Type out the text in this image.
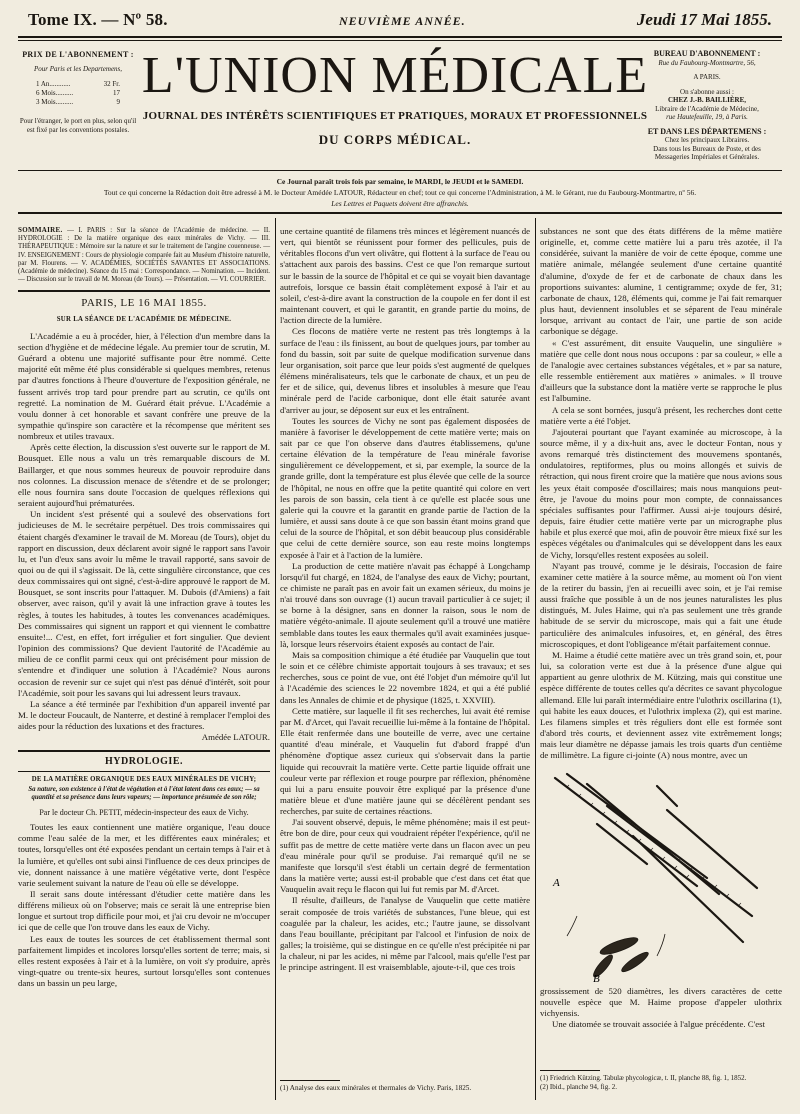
Tome IX. — Nº 58.	NEUVIÈME ANNÉE.	Jeudi 17 Mai 1855.
PRIX DE L'ABONNEMENT :
Pour Paris et les Departemens,
1 An............	32 Fr.
6 Mois..........	17
3 Mois..........	9
Pour l'étranger, le port en plus, selon qu'il est fixé par les conventions postales.
L'UNION MÉDICALE
JOURNAL DES INTÉRÊTS SCIENTIFIQUES ET PRATIQUES, MORAUX ET PROFESSIONNELS
DU CORPS MÉDICAL.
BUREAU D'ABONNEMENT :
Rue du Faubourg-Montmartre, 56,
A PARIS.
On s'abonne aussi :
CHEZ J.-B. BAILLIÈRE,
Libraire de l'Académie de Médecine,
rue Hautefeuille, 19, à Paris.
ET DANS LES DÉPARTEMENS :
Chez les principaux Libraires.
Dans tous les Bureaux de Poste, et des
Messageries Impériales et Générales.
Ce Journal paraît trois fois par semaine, le MARDI, le JEUDI et le SAMEDI.
Tout ce qui concerne la Rédaction doit être adressé à M. le Docteur Amédée LATOUR, Rédacteur en chef; tout ce qui concerne l'Administration, à M. le Gérant, rue du Faubourg-Montmartre, nº 56.
Les Lettres et Paquets doivent être affranchis.
SOMMAIRE. — I. PARIS : Sur la séance de l'Académie de médecine. — II. HYDROLOGIE : De la matière organique des eaux minérales de Vichy. — III. THÉRAPEUTIQUE : Mémoire sur la nature et sur le traitement de l'angine couenneuse. — IV. ENSEIGNEMENT : Cours de physiologie comparée fait au Muséum d'histoire naturelle, par M. Flourens. — V. ACADÉMIES, SOCIÉTÉS SAVANTES ET ASSOCIATIONS. (Académie de médecine). Séance du 15 mai : Correspondance. — Nomination. — Incident. — Discussion sur le travail de M. Moreau (de Tours). — Présentation. — VI. COURRIER.
PARIS, LE 16 MAI 1855.
SUR LA SÉANCE DE L'ACADÉMIE DE MÉDECINE.

L'Académie a eu à procéder, hier, à l'élection d'un membre dans la section d'hygiène et de médecine légale. Au premier tour de scrutin, M. Guérard a obtenu une majorité suffisante pour être nommé. Cette majorité eût même été plus considérable si quelques membres, retenus par d'autres fonctions à l'heure d'ouverture de l'exposition générale, ne fussent arrivés trop tard pour prendre part au scrutin, ce qu'ils ont regretté. La nomination de M. Guérard était prévue. L'Académie a voulu donner à cet honorable et savant confrère une preuve de la sympathie qu'inspire son caractère et la récompense que méritent ses nombreux et utiles travaux.

Après cette élection, la discussion s'est ouverte sur le rapport de M. Bousquet. Elle nous a valu un très remarquable discours de M. Baillarger, et que nous sommes heureux de pouvoir reproduire dans nos colonnes. La discussion menace de s'étendre et de se prolonger; elle nous fournira sans doute l'occasion de quelques réflexions qui seraient aujourd'hui prématurées.

Un incident s'est présenté qui a soulevé des observations fort judicieuses de M. le secrétaire perpétuel. Des trois commissaires qui étaient chargés d'examiner le travail de M. Moreau (de Tours), objet du rapport en discussion, deux déclarent avoir signé le rapport sans l'avoir lu, et l'un d'eux sans avoir lu même le travail rapporté, sans savoir de quoi ou de qui il s'agissait. De là, cette singulière circonstance, que ces deux commissaires qui ont signé, c'est-à-dire approuvé le rapport de M. Bousquet, se sont inscrits pour l'attaquer. M. Dubois (d'Amiens) a fait observer, avec raison, qu'il y avait là une infraction grave à toutes les règles, à toutes les habitudes, à toutes les convenances académiques. Des commissaires qui signent un rapport et qui viennent le combattre ensuite!... C'est, en effet, fort irrégulier et fort singulier. Que devient l'opinion des commissions? Que devient l'autorité de l'Académie au milieu de ce conflit parmi ceux qui ont précisément pour mission de s'entendre et d'indiquer une solution à l'Académie? Nous aurons occasion de revenir sur ce sujet qui n'est pas dénué d'intérêt, soit pour l'Académie, soit pour les savans qui lui adressent leurs travaux.

La séance a été terminée par l'exhibition d'un appareil inventé par M. le docteur Foucault, de Nanterre, et destiné à remplacer l'emploi des aides pour la réduction des luxations et des fractures.

Amédée LATOUR.
HYDROLOGIE.
DE LA MATIÈRE ORGANIQUE DES EAUX MINÉRALES DE VICHY;
Sa nature, son existence à l'état de végétation et à l'état latent dans ces eaux; — sa quantité et sa présence dans leurs vapeurs; — importance présumée de son rôle;
Par le docteur Ch. PETIT, médecin-inspecteur des eaux de Vichy.

Toutes les eaux contiennent une matière organique, l'eau douce comme l'eau salée de la mer, et les différentes eaux minérales; et toutes, lorsqu'elles ont été exposées pendant un certain temps à l'air et à la lumière, et qu'elles ont subi ainsi l'influence de ces deux principes de vie, donnent naissance à une matière végétative verte, dont l'espèce varie seulement suivant la nature de l'eau où elle se développe.

Il serait sans doute intéressant d'étudier cette matière dans les différens milieux où on l'observe; mais ce serait là une entreprise bien longue et surtout trop difficile pour moi, et j'ai cru devoir ne m'occuper ici que de celle que l'on trouve dans les eaux de Vichy.

Les eaux de toutes les sources de cet établissement thermal sont parfaitement limpides et incolores lorsqu'elles sortent de terre; mais, si elles restent exposées à l'air et à la lumière, on voit s'y produire, après vingt-quatre ou trente-six heures, surtout lorsqu'elles sont contenues dans un bassin un peu large,

une certaine quantité de filamens très minces et légèrement nuancés de vert, qui bientôt se réunissent pour former des pellicules, puis de véritables flocons d'un vert olivâtre, qui flottent à la surface de l'eau ou s'attachent aux parois des bassins. C'est ce que l'on remarque surtout sur le bassin de la source de l'hôpital et ce qui se voyait bien davantage autrefois, lorsque ce bassin était complètement exposé à l'air et au soleil, c'est-à-dire avant la construction de la coupole en fer dont il est maintenant couvert, et qui le garantit, en grande partie du moins, de l'action directe de la lumière.

Ces flocons de matière verte ne restent pas très longtemps à la surface de l'eau : ils finissent, au bout de quelques jours, par tomber au fond du bassin, soit par suite de quelque modification survenue dans leur organisation, soit parce que leur poids s'est augmenté de quelques élémens minéralisateurs, tels que le carbonate de chaux, et un peu de fer et de silice, qui, devenus libres et insolubles à mesure que l'eau minérale perd de l'acide carbonique, dont elle était saturée avant d'arriver au jour, se déposent sur eux et les entraînent.

Toutes les sources de Vichy ne sont pas également disposées de manière à favoriser le développement de cette matière verte; mais on sait par ce que l'on observe dans d'autres établissemens, qu'une certaine élévation de la température de l'eau minérale favorise singulièrement ce développement, et si, par exemple, la source de la grande grille, dont la température est plus élevée que celle de la source de l'hôpital, ne nous en offre que la petite quantité qui colore en vert les parois de son bassin, cela tient à ce qu'elle est placée sous une galerie qui la couvre et la garantit en grande partie de l'action de la lumière, et aussi sans doute à ce que son bassin étant moins grand que celui de la source de l'hôpital, et son débit beaucoup plus considérable que celui de cette dernière source, son eau reste moins longtemps exposée à l'air et à l'action de la lumière.

La production de cette matière n'avait pas échappé à Longchamp lorsqu'il fut chargé, en 1824, de l'analyse des eaux de Vichy; pourtant, ce chimiste ne paraît pas en avoir fait un examen sérieux, du moins je n'ai trouvé dans son ouvrage (1) aucun travail particulier à ce sujet; il se borne à la désigner, sans en donner la raison, sous le nom de matière végéto-animale. Il ajoute seulement qu'il a trouvé une matière semblable dans toutes les eaux thermales qu'il avait examinées jusque-là, lorsque leurs réservoirs étaient exposés au contact de l'air.

Mais sa composition chimique a été étudiée par Vauquelin que tout le soin et ce célèbre chimiste apportait toujours à ses travaux; et ses recherches, sous ce point de vue, ont été l'objet d'un mémoire qu'il lut à l'Académie des sciences le 22 novembre 1824, et qui a été publié dans les Annales de chimie et de physique (1825, t. XXVIII).

Cette matière, sur laquelle il fit ses recherches, lui avait été remise par M. d'Arcet, qui l'avait recueillie lui-même à la fontaine de l'hôpital. Elle était renfermée dans une bouteille de verre, avec une certaine quantité d'eau minérale, et Vauquelin fut d'abord frappé d'un phénomène d'optique assez curieux qui s'observait dans la partie liquide qui recouvrait la matière verte. Cette partie liquide offrait une couleur verte par réflexion et rouge pourpre par réflexion, phénomène qui lui a paru ensuite pouvoir être expliqué par la présence d'une matière bleue et d'une matière jaune qui se décélèrent pendant ses recherches, par suite de certaines réactions.

J'ai souvent observé, depuis, le même phénomène; mais il est peut-être bon de dire, pour ceux qui voudraient répéter l'expérience, qu'il ne suffit pas de mettre de cette matière verte dans un flacon avec un peu d'eau minérale pour qu'il se produise. J'ai remarqué qu'il ne se manifeste que lorsqu'il s'est établi un certain degré de fermentation dans la matière verte; aussi est-il probable que c'est dans cet état que Vauquelin avait reçu le flacon qui lui fut remis par M. d'Arcet.

Il résulte, d'ailleurs, de l'analyse de Vauquelin que cette matière serait composée de trois variétés de substances, l'une bleue, qui est coagulée par la chaleur, les acides, etc.; l'autre jaune, se dissolvant dans l'eau bouillante, précipitant par l'alcool et l'infusion de noix de galles; la troisième, qui se distingue en ce qu'elle n'est précipitée ni par la chaleur, ni par les acides, ni même par l'alcool, mais qu'elle l'est par le principe astringent. Il est vraisemblable, ajoute-t-il, que ces trois

(1) Analyse des eaux minérales et thermales de Vichy. Paris, 1825.

substances ne sont que des états différens de la même matière originelle, et, comme cette matière lui a paru très azotée, il l'a considérée, suivant la manière de voir de cette époque, comme une matière animale, mélangée seulement d'une certaine quantité d'alumine, d'oxyde de fer et de carbonate de chaux dans les proportions suivantes: alumine, 1 centigramme; oxyde de fer, 31; carbonate de chaux, 128, éléments qui, comme je l'ai fait remarquer plus haut, deviennent insolubles et se séparent de l'eau minérale lorsque, arrivant au contact de l'air, une partie de son acide carbonique se dégage.

« C'est assurément, dit ensuite Vauquelin, une singulière » matière que celle dont nous nous occupons : par sa couleur, » elle a de l'analogie avec certaines substances végétales, et » par sa nature, elle ressemble entièrement aux matières » animales. » Il trouve d'ailleurs que la substance dont la matière verte se rapproche le plus est l'albumine.

A cela se sont bornées, jusqu'à présent, les recherches dont cette matière verte a été l'objet.

J'ajouterai pourtant que l'ayant examinée au microscope, à la source même, il y a dix-huit ans, avec le docteur Fontan, nous y avons remarqué très distinctement des mouvemens spontanés, ondulatoires, reptiformes, plus ou moins allongés et suivis de rétraction, qui nous firent croire que la matière que nous avions sous les yeux était composée d'oscillaires; mais nous manquions peut-être, je l'avoue du moins pour mon compte, de connaissances spéciales suffisantes pour l'affirmer. Aussi ai-je toujours désiré, depuis, faire étudier cette matière verte par un micrographe plus habile et plus exercé que moi, afin de pouvoir être mieux fixé sur les espèces végétales ou d'animalcules qui se développent dans les eaux de Vichy, lorsqu'elles restent exposées au soleil.

N'ayant pas trouvé, comme je le désirais, l'occasion de faire examiner cette matière à la source même, au moment où l'on vient de la retirer du bassin, j'en ai recueilli avec soin, et je l'ai remise aussi fraîche que possible à un de nos jeunes naturalistes les plus distingués, M. Jules Haime, qui n'a pas seulement une très grande habitude de se servir du microscope, mais qui a fait une étude particulière des animalcules infusoires, et, en général, des êtres microscopiques, et dont l'obligeance m'était parfaitement connue.

M. Haime a étudié cette matière avec un très grand soin, et, pour lui, sa coloration verte est due à la présence d'une algue qui appartient au genre ulothrix de M. Kützing, mais qui constitue une espèce différente de toutes celles qu'a décrites ce savant phycologue allemand. Elle lui paraît intermédiaire entre l'ulothrix oscillarina (1), qui habite les eaux douces, et l'ulothrix implexa (2), qui est marine. Les filamens simples et très réguliers dont elle est formée sont d'abord très courts, et deviennent assez vite extrêmement longs; mais leur diamètre ne dépasse jamais les trois quarts d'un centième de millimètre. La figure ci-jointe (A) nous montre, avec un

A
B

grossissement de 520 diamètres, les divers caractères de cette nouvelle espèce que M. Haime propose d'appeler ulothrix vichyensis.

Une diatomée se trouvait associée à l'algue précédente. C'est

(1) Friedrich Kützing. Tabulæ phycologicæ, t. II, planche 88, fig. 1, 1852.
(2) Ibid., planche 94, fig. 2.
